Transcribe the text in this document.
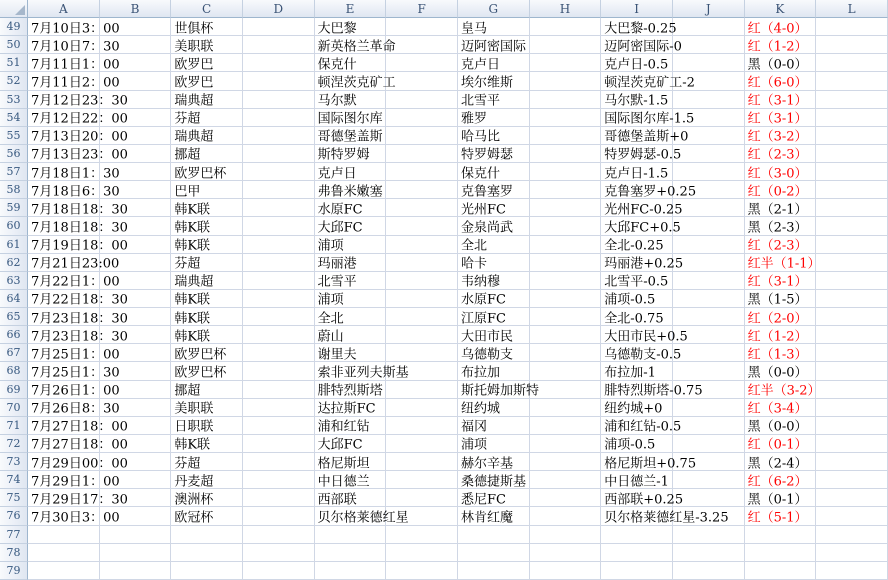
A	B	C	D	E	F	G	H	I	J	K	L
49 7月10日3：00	世俱杯	大巴黎	皇马	大巴黎-0.25	红（4-0）
50 7月10日7：30	美职联	新英格兰革命	迈阿密国际	迈阿密国际-0	红（1-2）
51 7月11日1：00	欧罗巴	保克什	克卢日	克卢日-0.5	黑（0-0）
52 7月11日2：00	欧罗巴	顿涅茨克矿工	埃尔维斯	顿涅茨克矿工-2	红（6-0）
53 7月12日23：30	瑞典超	马尔默	北雪平	马尔默-1.5	红（3-1）
54 7月12日22：00	芬超	国际图尔库	雅罗	国际图尔库-1.5	红（3-1）
55 7月13日20：00	瑞典超	哥德堡盖斯	哈马比	哥德堡盖斯+0	红（3-2）
56 7月13日23：00	挪超	斯特罗姆	特罗姆瑟	特罗姆瑟-0.5	红（2-3）
57 7月18日1：30	欧罗巴杯	克卢日	保克什	克卢日-1.5	红（3-0）
58 7月18日6：30	巴甲	弗鲁米嫩塞	克鲁塞罗	克鲁塞罗+0.25	红（0-2）
59 7月18日18：30	韩K联	水原FC	光州FC	光州FC-0.25	黑（2-1）
60 7月18日18：30	韩K联	大邱FC	金泉尚武	大邱FC+0.5	黑（2-3）
61 7月19日18：00	韩K联	浦项	全北	全北-0.25	红（2-3）
62 7月21日23:00	芬超	玛丽港	哈卡	玛丽港+0.25	红半（1-1）
63 7月22日1：00	瑞典超	北雪平	韦纳穆	北雪平-0.5	红（3-1）
64 7月22日18：30	韩K联	浦项	水原FC	浦项-0.5	黑（1-5）
65 7月23日18：30	韩K联	全北	江原FC	全北-0.75	红（2-0）
66 7月23日18：30	韩K联	蔚山	大田市民	大田市民+0.5	红（1-2）
67 7月25日1：00	欧罗巴杯	谢里夫	乌德勒支	乌德勒支-0.5	红（1-3）
68 7月25日1：30	欧罗巴杯	索非亚列夫斯基	布拉加	布拉加-1	黑（0-0）
69 7月26日1：00	挪超	腓特烈斯塔	斯托姆加斯特	腓特烈斯塔-0.75	红半（3-2）
70 7月26日8：30	美职联	达拉斯FC	纽约城	纽约城+0	红（3-4）
71 7月27日18：00	日职联	浦和红钻	福冈	浦和红钻-0.5	黑（0-0）
72 7月27日18：00	韩K联	大邱FC	浦项	浦项-0.5	红（0-1）
73 7月29日00：00	芬超	格尼斯坦	赫尔辛基	格尼斯坦+0.75	黑（2-4）
74 7月29日1：00	丹麦超	中日德兰	桑德捷斯基	中日德兰-1	红（6-2）
75 7月29日17：30	澳洲杯	西部联	悉尼FC	西部联+0.25	黑（0-1）
76 7月30日3：00	欧冠杯	贝尔格莱德红星	林肯红魔	贝尔格莱德红星-3.25 红（5-1）
77
78
79
